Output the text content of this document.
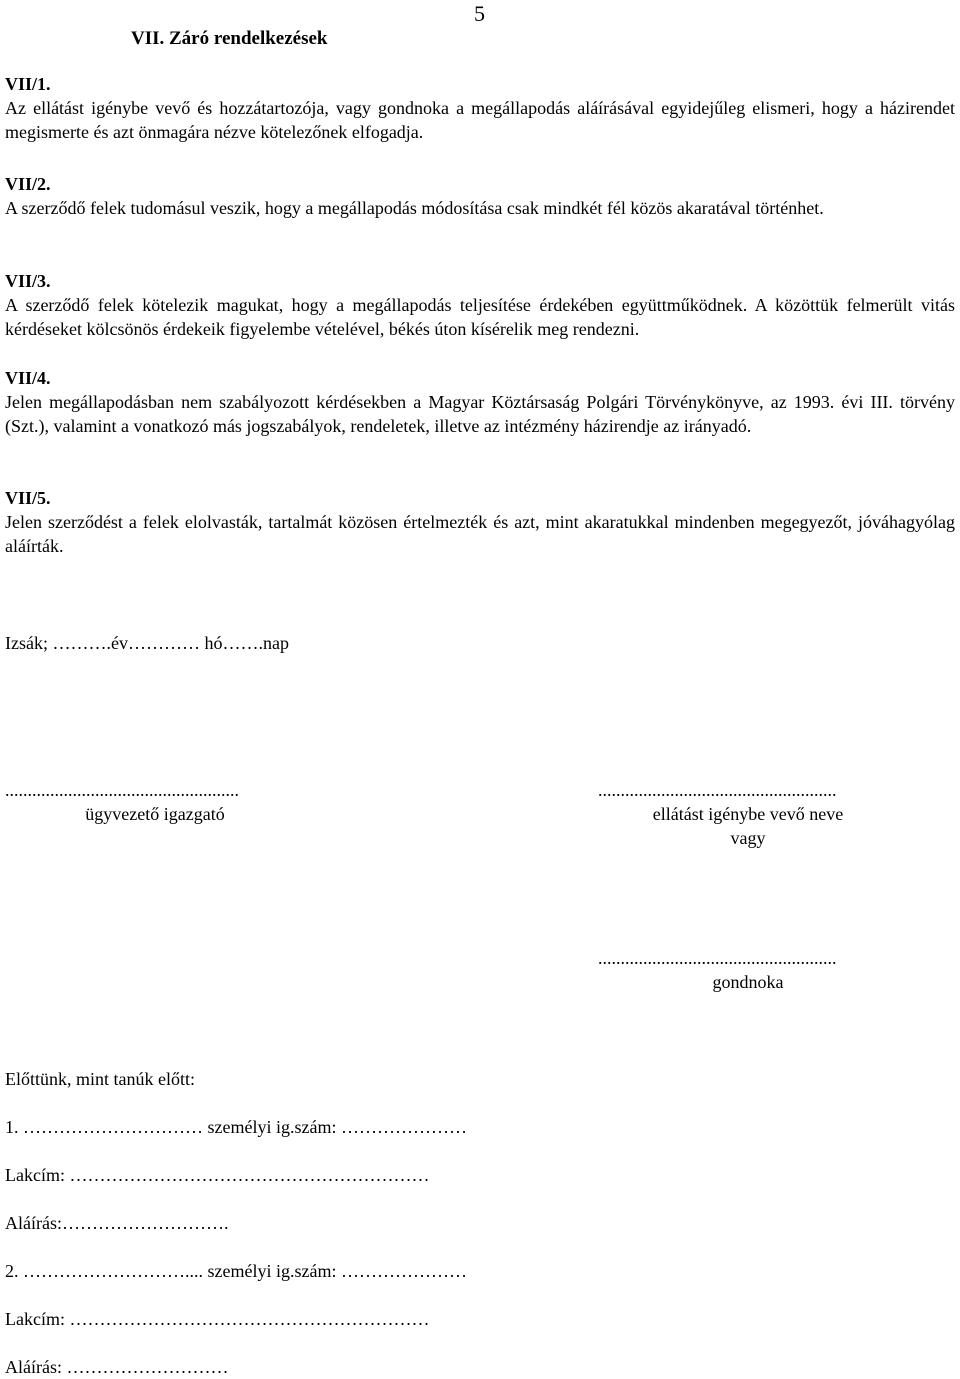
5
VII. Záró rendelkezések
VII/1.
Az ellátást igénybe vevő és hozzátartozója, vagy gondnoka a megállapodás aláírásával egyidejűleg elismeri, hogy a házirendet megismerte és azt önmagára nézve kötelezőnek elfogadja.
VII/2.
A szerződő felek tudomásul veszik, hogy a megállapodás módosítása csak mindkét fél közös akaratával történhet.
VII/3.
A szerződő felek kötelezik magukat, hogy a megállapodás teljesítése érdekében együttműködnek. A közöttük felmerült vitás kérdéseket kölcsönös érdekeik figyelembe vételével, békés úton kísérelik meg rendezni.
VII/4.
Jelen megállapodásban nem szabályozott kérdésekben a Magyar Köztársaság Polgári Törvénykönyve, az 1993. évi III. törvény (Szt.), valamint a vonatkozó más jogszabályok, rendeletek, illetve az intézmény házirendje az irányadó.
VII/5.
Jelen szerződést a felek elolvasták, tartalmát közösen értelmezték és azt, mint akaratukkal mindenben megegyezőt, jóváhagyólag aláírták.
Izsák; ……….év………… hó…….nap
....................................................
ügyvezető igazgató
.....................................................
ellátást igénybe vevő neve
vagy
.....................................................
gondnoka
Előttünk, mint tanúk előtt:
1. ………………………… személyi ig.szám: …………………
Lakcím: ……………………………………………………
Aláírás:……………………….
2. ……………………….... személyi ig.szám: …………………
Lakcím: ……………………………………………………
Aláírás: ………………………
